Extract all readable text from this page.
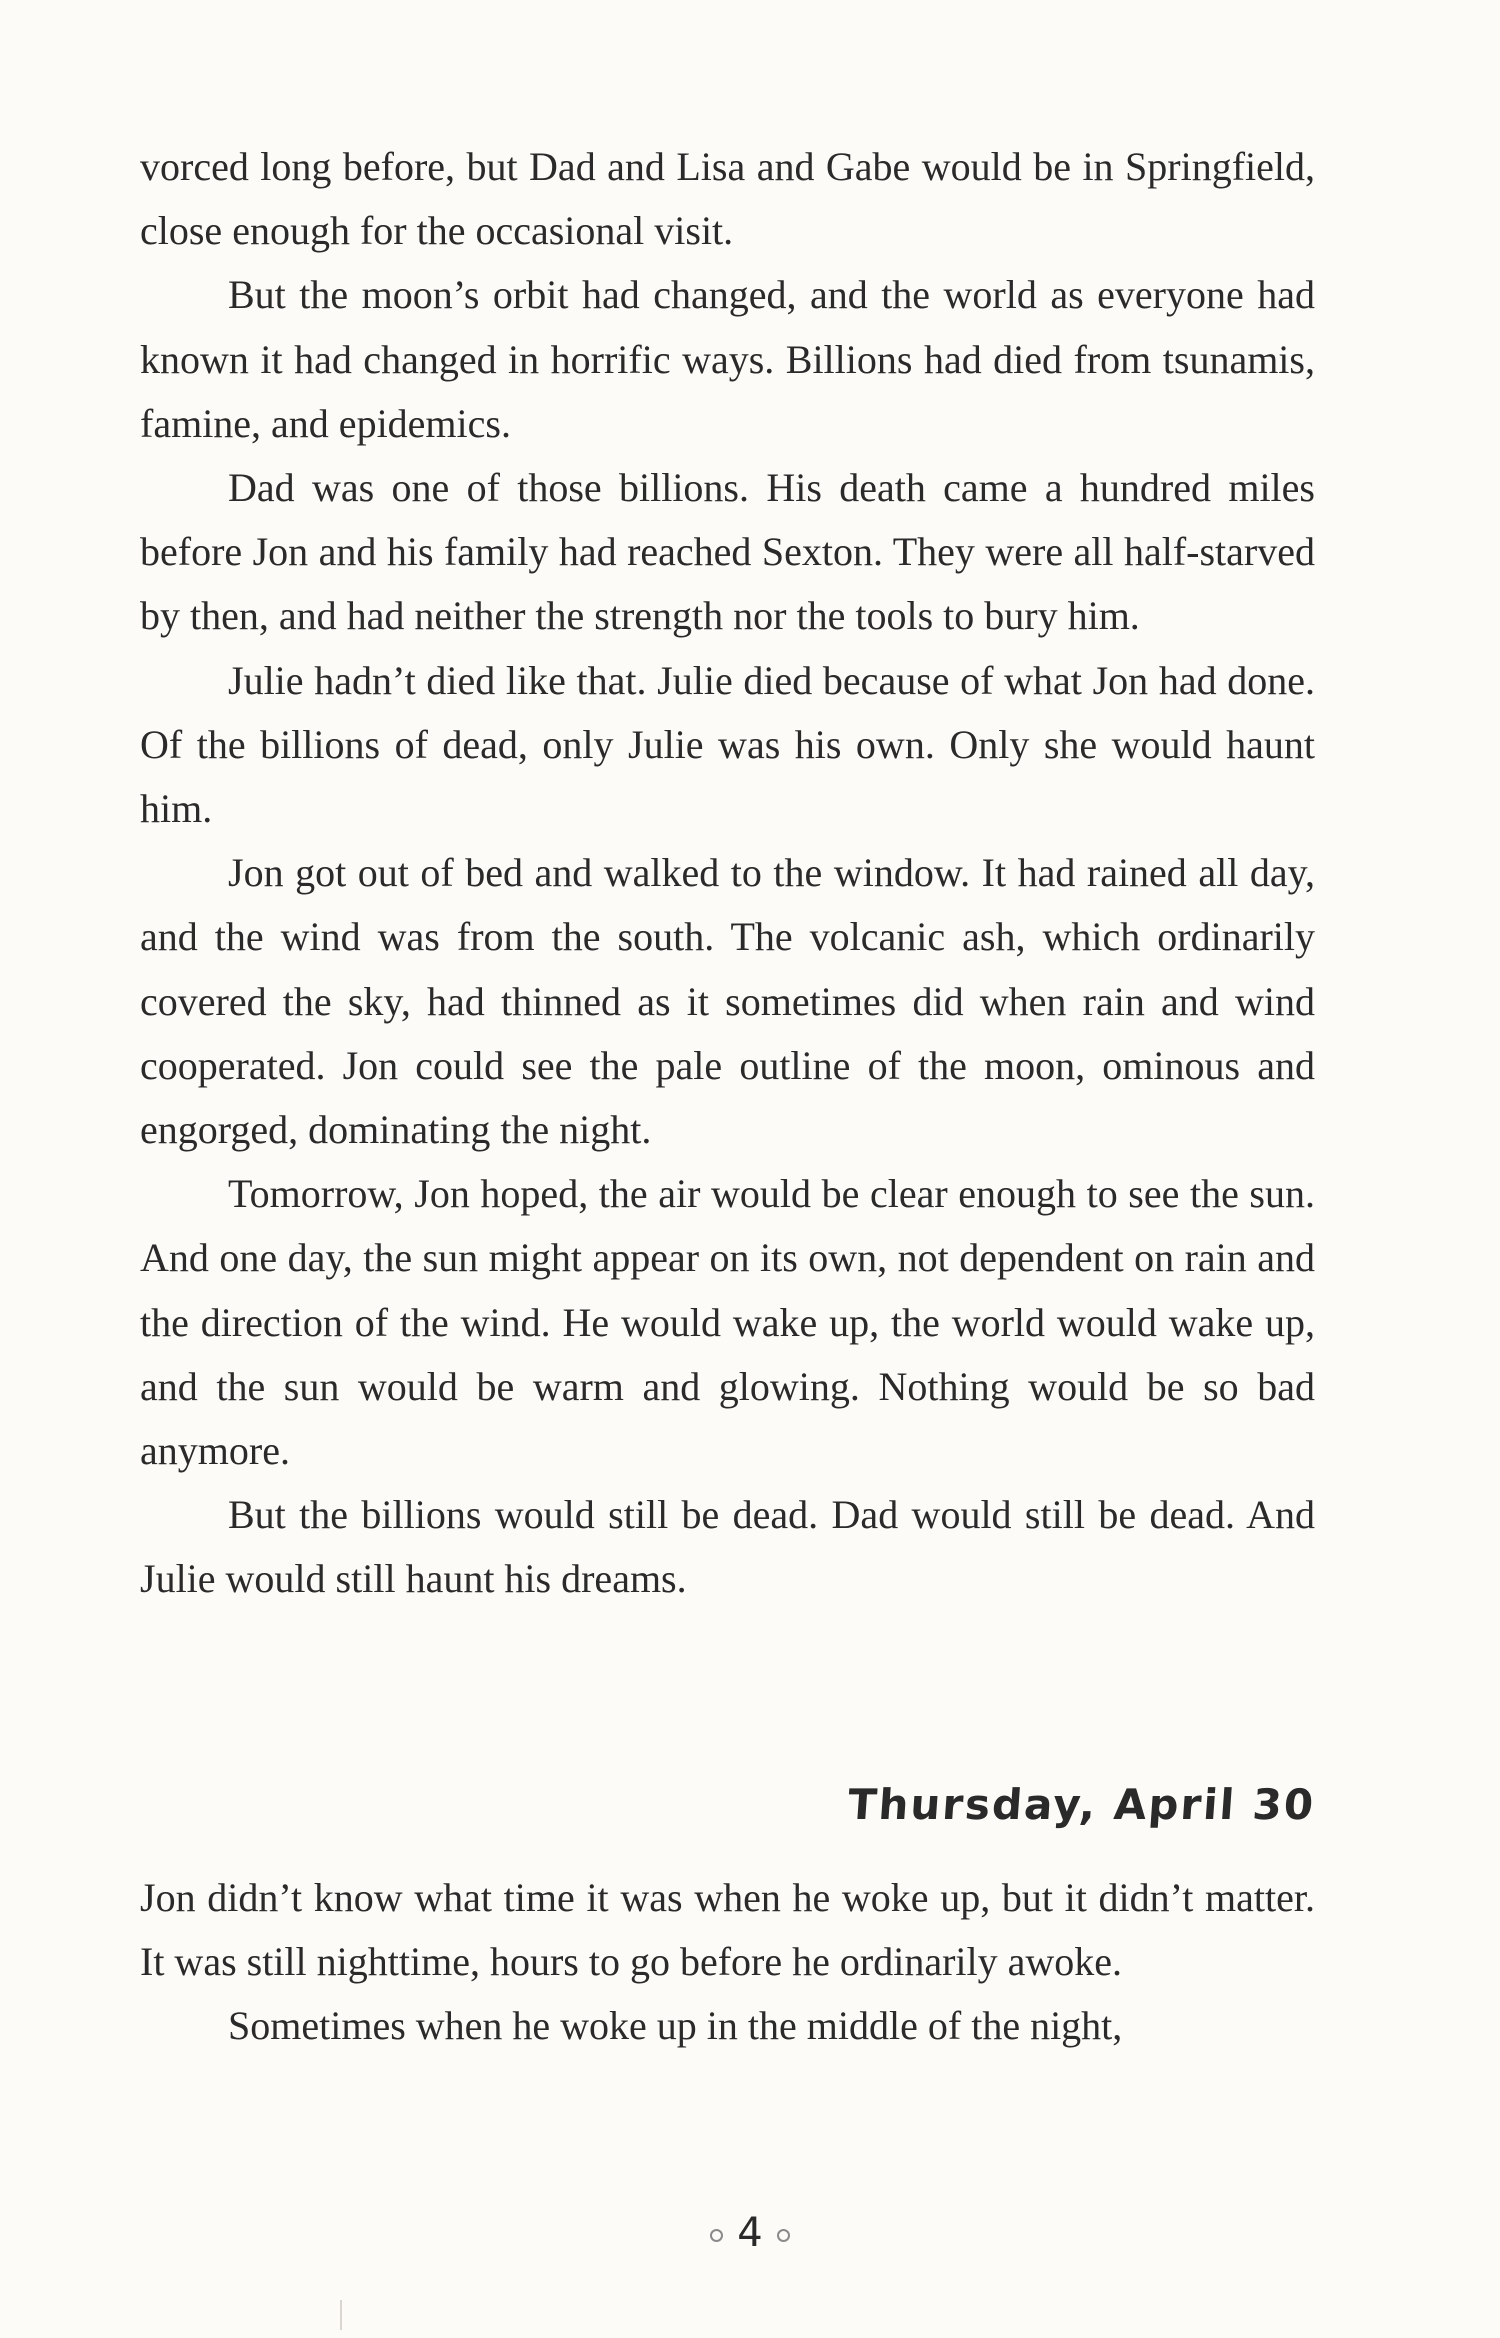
vorced long before, but Dad and Lisa and Gabe would be in Springfield, close enough for the occasional visit.

But the moon’s orbit had changed, and the world as everyone had known it had changed in horrific ways. Billions had died from tsunamis, famine, and epidemics.

Dad was one of those billions. His death came a hundred miles before Jon and his family had reached Sexton. They were all half-starved by then, and had neither the strength nor the tools to bury him.

Julie hadn’t died like that. Julie died because of what Jon had done. Of the billions of dead, only Julie was his own. Only she would haunt him.

Jon got out of bed and walked to the window. It had rained all day, and the wind was from the south. The volcanic ash, which ordinarily covered the sky, had thinned as it sometimes did when rain and wind cooperated. Jon could see the pale outline of the moon, ominous and engorged, dominating the night.

Tomorrow, Jon hoped, the air would be clear enough to see the sun. And one day, the sun might appear on its own, not dependent on rain and the direction of the wind. He would wake up, the world would wake up, and the sun would be warm and glowing. Nothing would be so bad anymore.

But the billions would still be dead. Dad would still be dead. And Julie would still haunt his dreams.

Thursday, April 30

Jon didn’t know what time it was when he woke up, but it didn’t matter. It was still nighttime, hours to go before he ordinarily awoke.

Sometimes when he woke up in the middle of the night,

4
